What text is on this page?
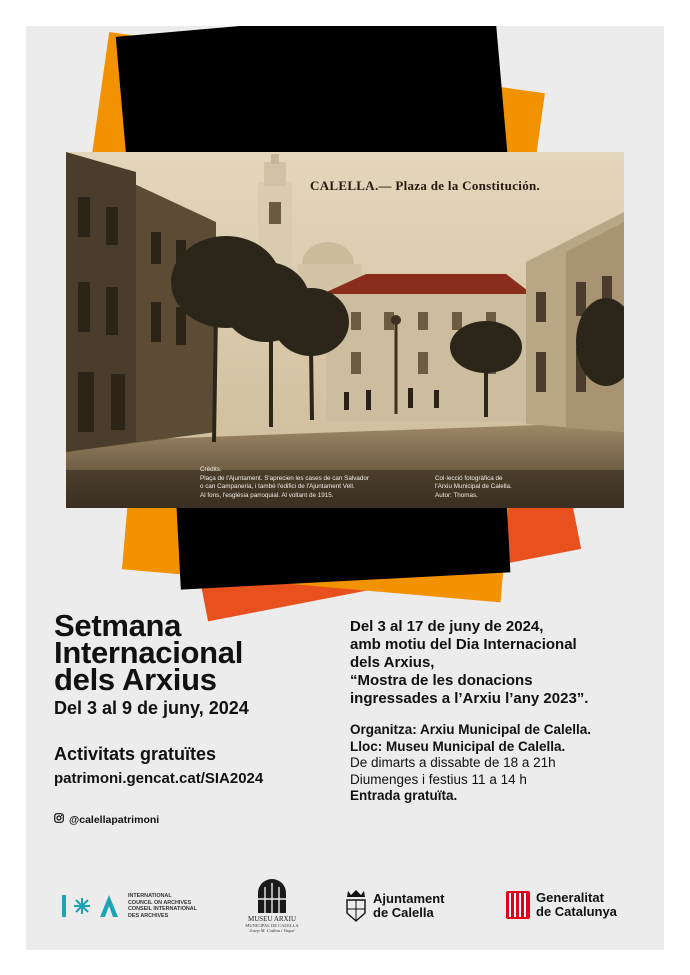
CALELLA.— Plaza de la Constitución.
Crèdits:
Plaça de l'Ajuntament. S'aprecien les cases de can Salvador
o can Campaneria, i també l'edifici de l'Ajuntament Vell.
Al fons, l'església parroquial. Al voltant de 1915.
Col·lecció fotogràfica de
l'Arxiu Municipal de Calella.
Autor: Thomas.
Setmana
Internacional
dels Arxius
Del 3 al 9 de juny, 2024
Activitats gratuïtes
patrimoni.gencat.cat/SIA2024
@calellapatrimoni
Del 3 al 17 de juny de 2024,
amb motiu del Dia Internacional
dels Arxius,
“Mostra de les donacions
ingressades a l’Arxiu l’any 2023”.
Organitza: Arxiu Municipal de Calella.
Lloc: Museu Municipal de Calella.
De dimarts a dissabte de 18 a 21h
Diumenges i festius 11 a 14 h
Entrada gratuïta.
INTERNATIONAL
COUNCIL ON ARCHIVES
CONSEIL INTERNATIONAL
DES ARCHIVES	MUSEU ARXIU
MUNICIPAL DE CALELLA
Josep M. Codina i Vaqué
Ajuntament
de Calella
Generalitat
de Catalunya
